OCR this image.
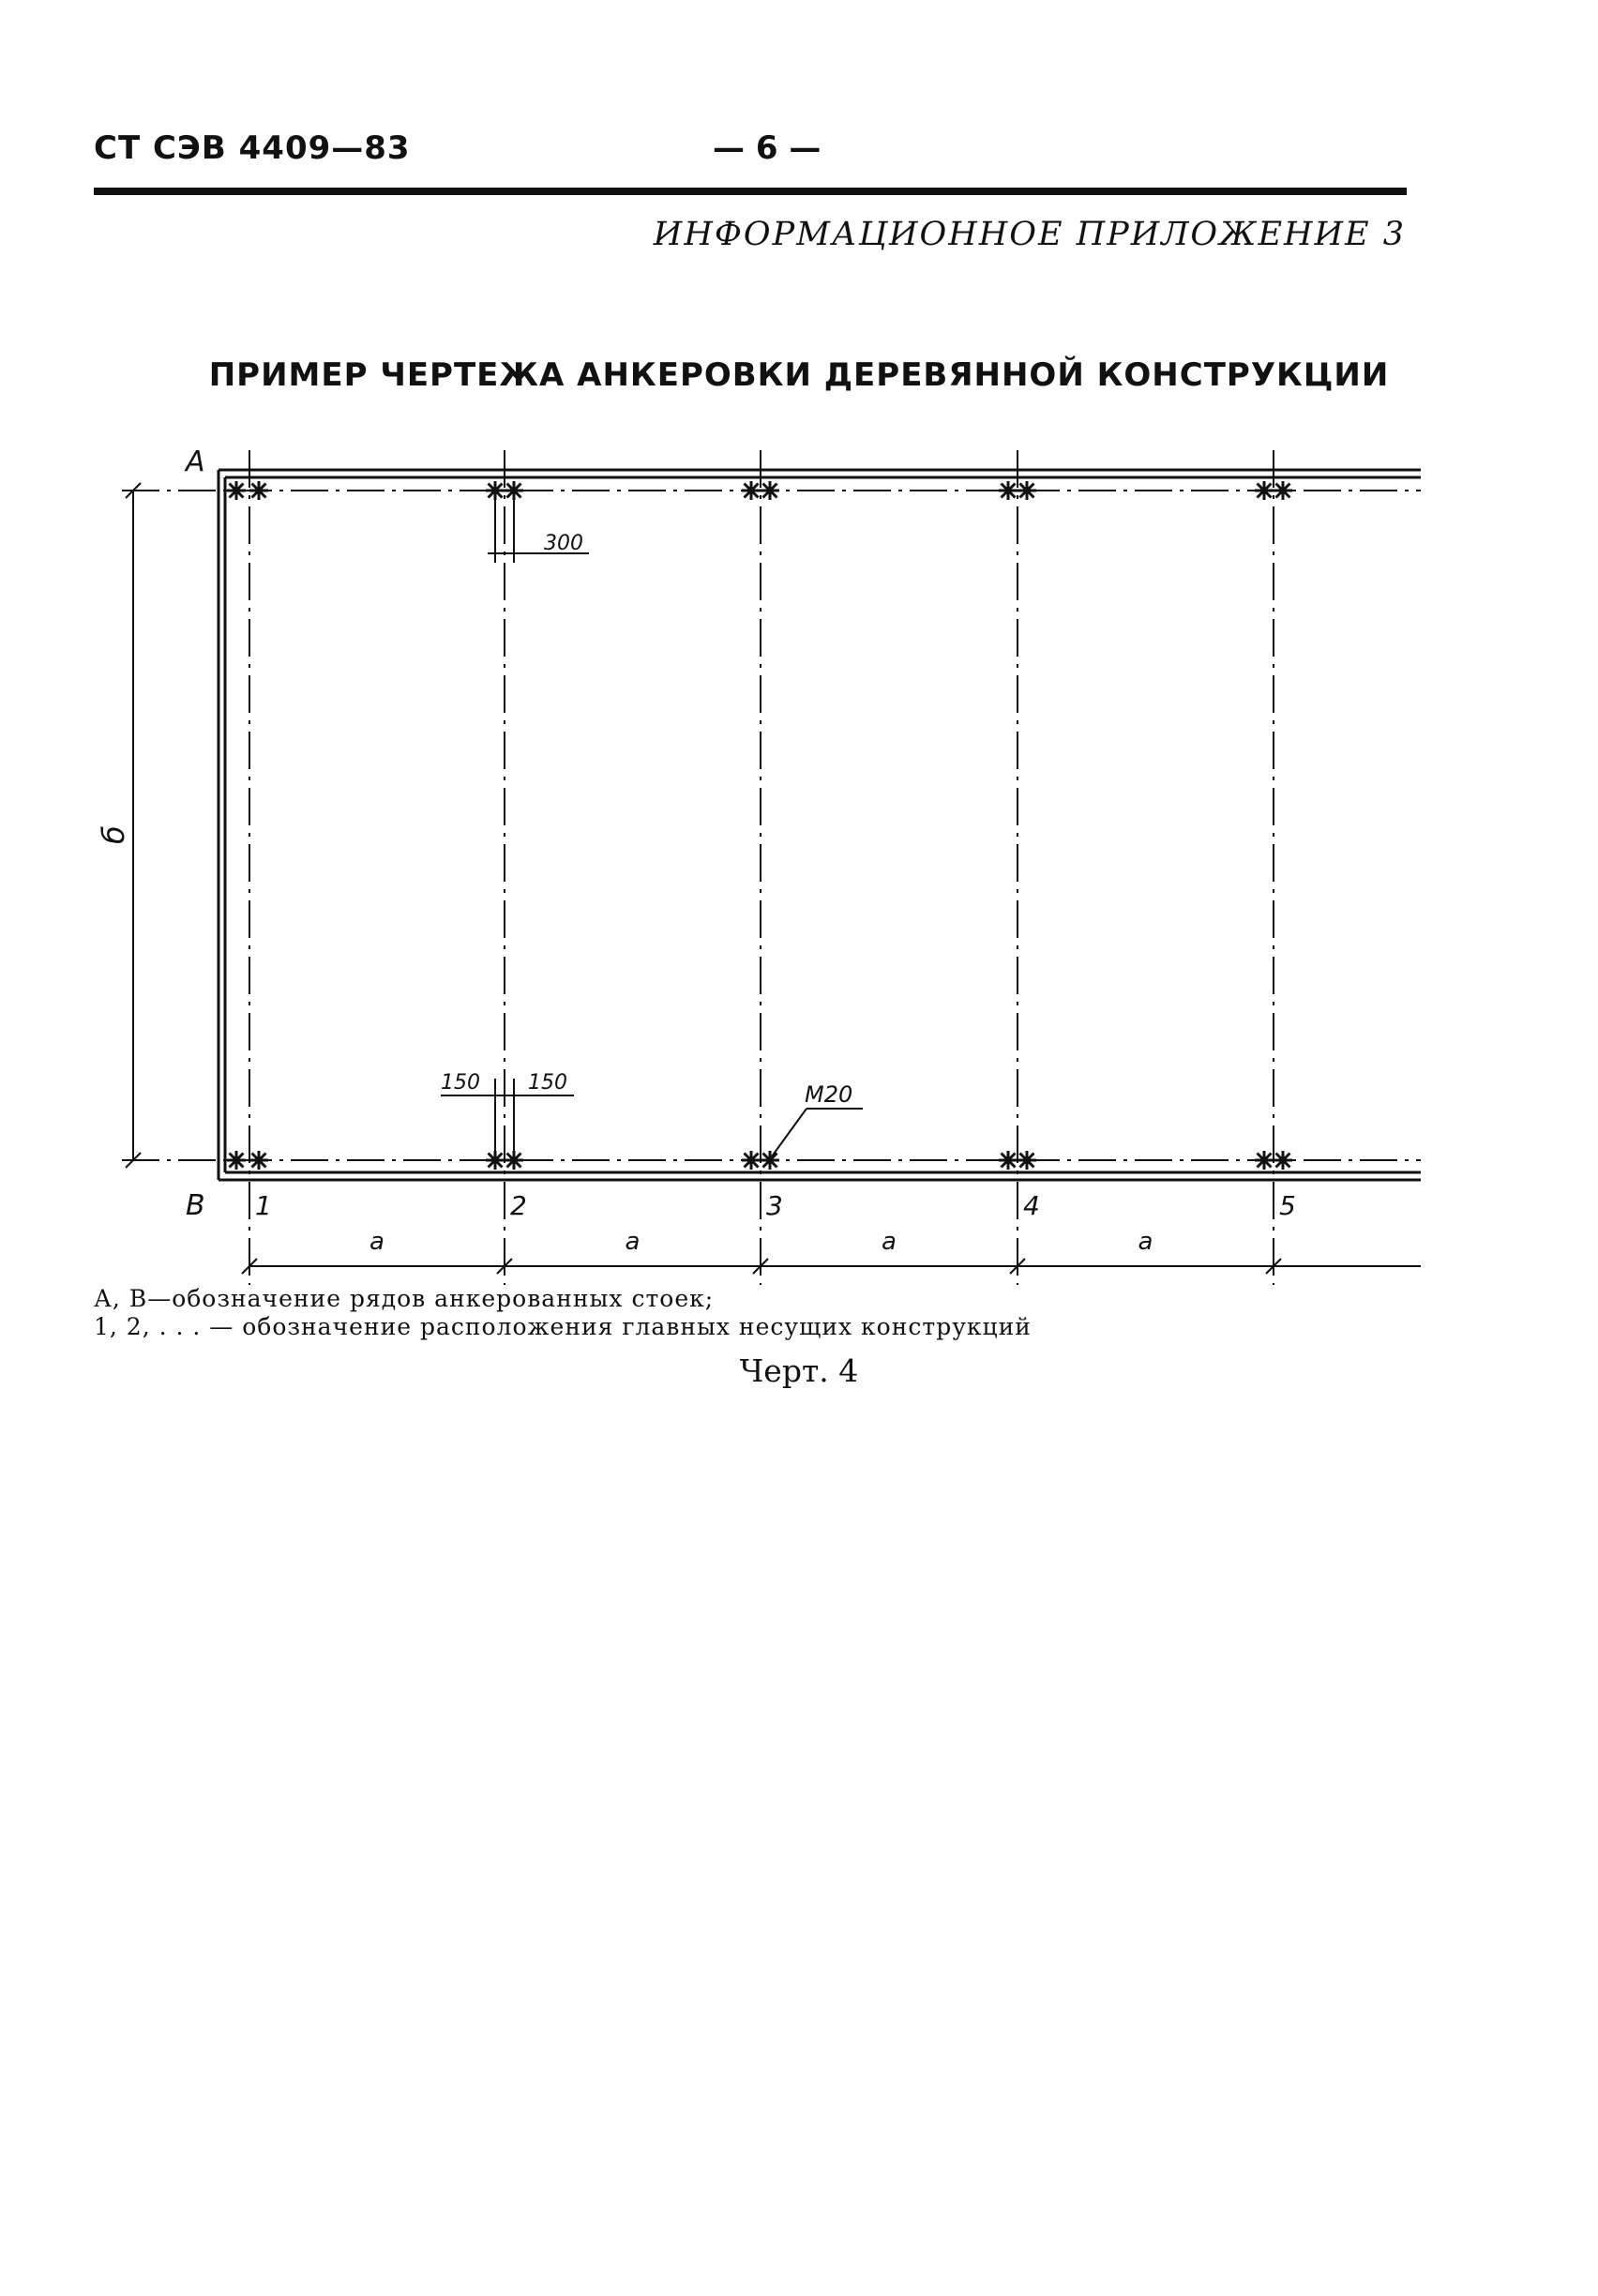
СТ СЭВ 4409—83	— 6 —
ИНФОРМАЦИОННОЕ ПРИЛОЖЕНИЕ 3
ПРИМЕР ЧЕРТЕЖА АНКЕРОВКИ ДЕРЕВЯННОЙ КОНСТРУКЦИИ
А
В
б
300
150 150	M20
1	2	3	4	5
a	a	a	a
А, В—обозначение рядов анкерованных стоек;
1, 2, . . . — обозначение расположения главных несущих конструкций
Черт. 4
